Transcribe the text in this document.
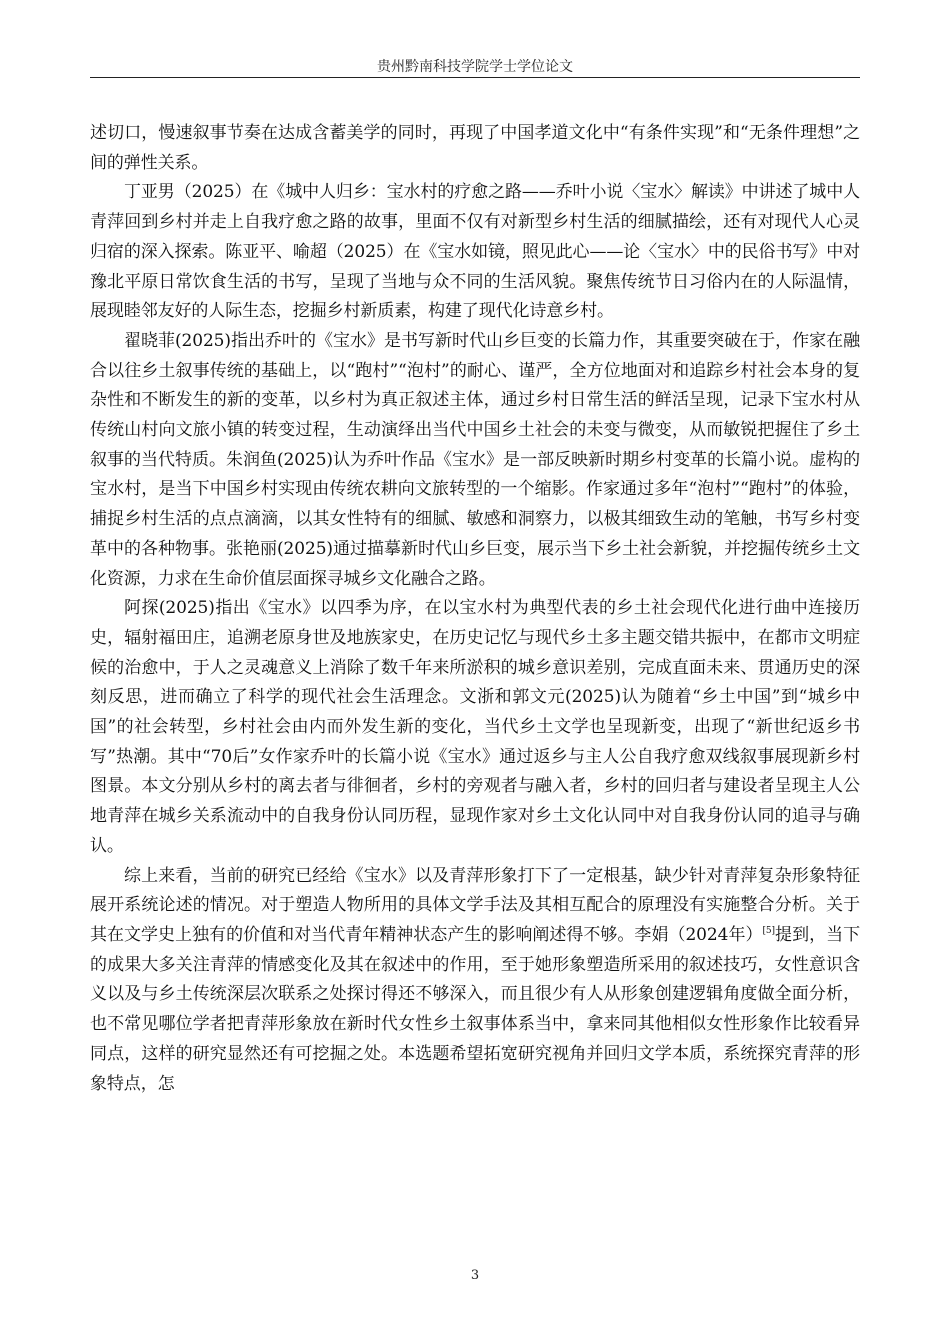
贵州黔南科技学院学士学位论文

述切口，慢速叙事节奏在达成含蓄美学的同时，再现了中国孝道文化中“有条件实现”和“无条件理想”之间的弹性关系。

丁亚男（2025）在《城中人归乡：宝水村的疗愈之路——乔叶小说〈宝水〉解读》中讲述了城中人青萍回到乡村并走上自我疗愈之路的故事，里面不仅有对新型乡村生活的细腻描绘，还有对现代人心灵归宿的深入探索。陈亚平、喻超（2025）在《宝水如镜，照见此心——论〈宝水〉中的民俗书写》中对豫北平原日常饮食生活的书写，呈现了当地与众不同的生活风貌。聚焦传统节日习俗内在的人际温情，展现睦邻友好的人际生态，挖掘乡村新质素，构建了现代化诗意乡村。

翟晓菲(2025)指出乔叶的《宝水》是书写新时代山乡巨变的长篇力作，其重要突破在于，作家在融合以往乡土叙事传统的基础上，以“跑村”“泡村”的耐心、谨严，全方位地面对和追踪乡村社会本身的复杂性和不断发生的新的变革，以乡村为真正叙述主体，通过乡村日常生活的鲜活呈现，记录下宝水村从传统山村向文旅小镇的转变过程，生动演绎出当代中国乡土社会的未变与微变，从而敏锐把握住了乡土叙事的当代特质。朱润鱼(2025)认为乔叶作品《宝水》是一部反映新时期乡村变革的长篇小说。虚构的宝水村，是当下中国乡村实现由传统农耕向文旅转型的一个缩影。作家通过多年“泡村”“跑村”的体验，捕捉乡村生活的点点滴滴，以其女性特有的细腻、敏感和洞察力，以极其细致生动的笔触，书写乡村变革中的各种物事。张艳丽(2025)通过描摹新时代山乡巨变，展示当下乡土社会新貌，并挖掘传统乡土文化资源，力求在生命价值层面探寻城乡文化融合之路。

阿探(2025)指出《宝水》以四季为序，在以宝水村为典型代表的乡土社会现代化进行曲中连接历史，辐射福田庄，追溯老原身世及地族家史，在历史记忆与现代乡土多主题交错共振中，在都市文明症候的治愈中，于人之灵魂意义上消除了数千年来所淤积的城乡意识差别，完成直面未来、贯通历史的深刻反思，进而确立了科学的现代社会生活理念。文浙和郭文元(2025)认为随着“乡土中国”到“城乡中国”的社会转型，乡村社会由内而外发生新的变化，当代乡土文学也呈现新变，出现了“新世纪返乡书写”热潮。其中“70后”女作家乔叶的长篇小说《宝水》通过返乡与主人公自我疗愈双线叙事展现新乡村图景。本文分别从乡村的离去者与徘徊者，乡村的旁观者与融入者，乡村的回归者与建设者呈现主人公地青萍在城乡关系流动中的自我身份认同历程，显现作家对乡土文化认同中对自我身份认同的追寻与确认。

综上来看，当前的研究已经给《宝水》以及青萍形象打下了一定根基，缺少针对青萍复杂形象特征展开系统论述的情况。对于塑造人物所用的具体文学手法及其相互配合的原理没有实施整合分析。关于其在文学史上独有的价值和对当代青年精神状态产生的影响阐述得不够。李娟（2024年）[5]提到，当下的成果大多关注青萍的情感变化及其在叙述中的作用，至于她形象塑造所采用的叙述技巧，女性意识含义以及与乡土传统深层次联系之处探讨得还不够深入，而且很少有人从形象创建逻辑角度做全面分析，也不常见哪位学者把青萍形象放在新时代女性乡土叙事体系当中，拿来同其他相似女性形象作比较看异同点，这样的研究显然还有可挖掘之处。本选题希望拓宽研究视角并回归文学本质，系统探究青萍的形象特点，怎

3
